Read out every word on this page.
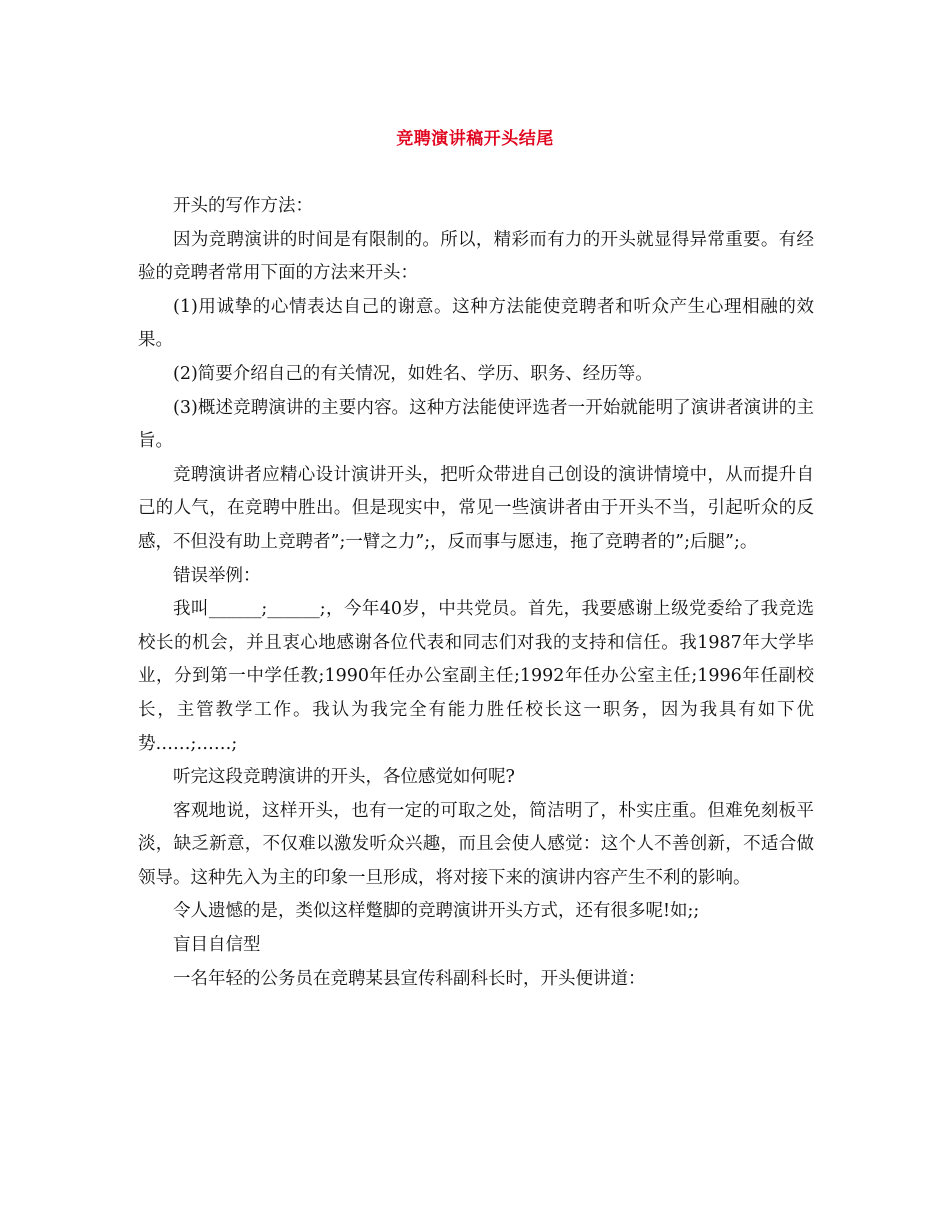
竞聘演讲稿开头结尾

开头的写作方法：

因为竞聘演讲的时间是有限制的。所以，精彩而有力的开头就显得异常重要。有经验的竞聘者常用下面的方法来开头：

(1)用诚挚的心情表达自己的谢意。这种方法能使竞聘者和听众产生心理相融的效果。

(2)简要介绍自己的有关情况，如姓名、学历、职务、经历等。

(3)概述竞聘演讲的主要内容。这种方法能使评选者一开始就能明了演讲者演讲的主旨。

竞聘演讲者应精心设计演讲开头，把听众带进自己创设的演讲情境中，从而提升自己的人气，在竞聘中胜出。但是现实中，常见一些演讲者由于开头不当，引起听众的反感，不但没有助上竞聘者”;一臂之力”;，反而事与愿违，拖了竞聘者的”;后腿”;。

错误举例：

我叫______;______;，今年40岁，中共党员。首先，我要感谢上级党委给了我竞选校长的机会，并且衷心地感谢各位代表和同志们对我的支持和信任。我1987年大学毕业，分到第一中学任教;1990年任办公室副主任;1992年任办公室主任;1996年任副校长，主管教学工作。我认为我完全有能力胜任校长这一职务，因为我具有如下优势……;……;

听完这段竞聘演讲的开头，各位感觉如何呢?

客观地说，这样开头，也有一定的可取之处，简洁明了，朴实庄重。但难免刻板平淡，缺乏新意，不仅难以激发听众兴趣，而且会使人感觉：这个人不善创新，不适合做领导。这种先入为主的印象一旦形成，将对接下来的演讲内容产生不利的影响。

令人遗憾的是，类似这样蹩脚的竞聘演讲开头方式，还有很多呢!如;;

盲目自信型

一名年轻的公务员在竞聘某县宣传科副科长时，开头便讲道：
